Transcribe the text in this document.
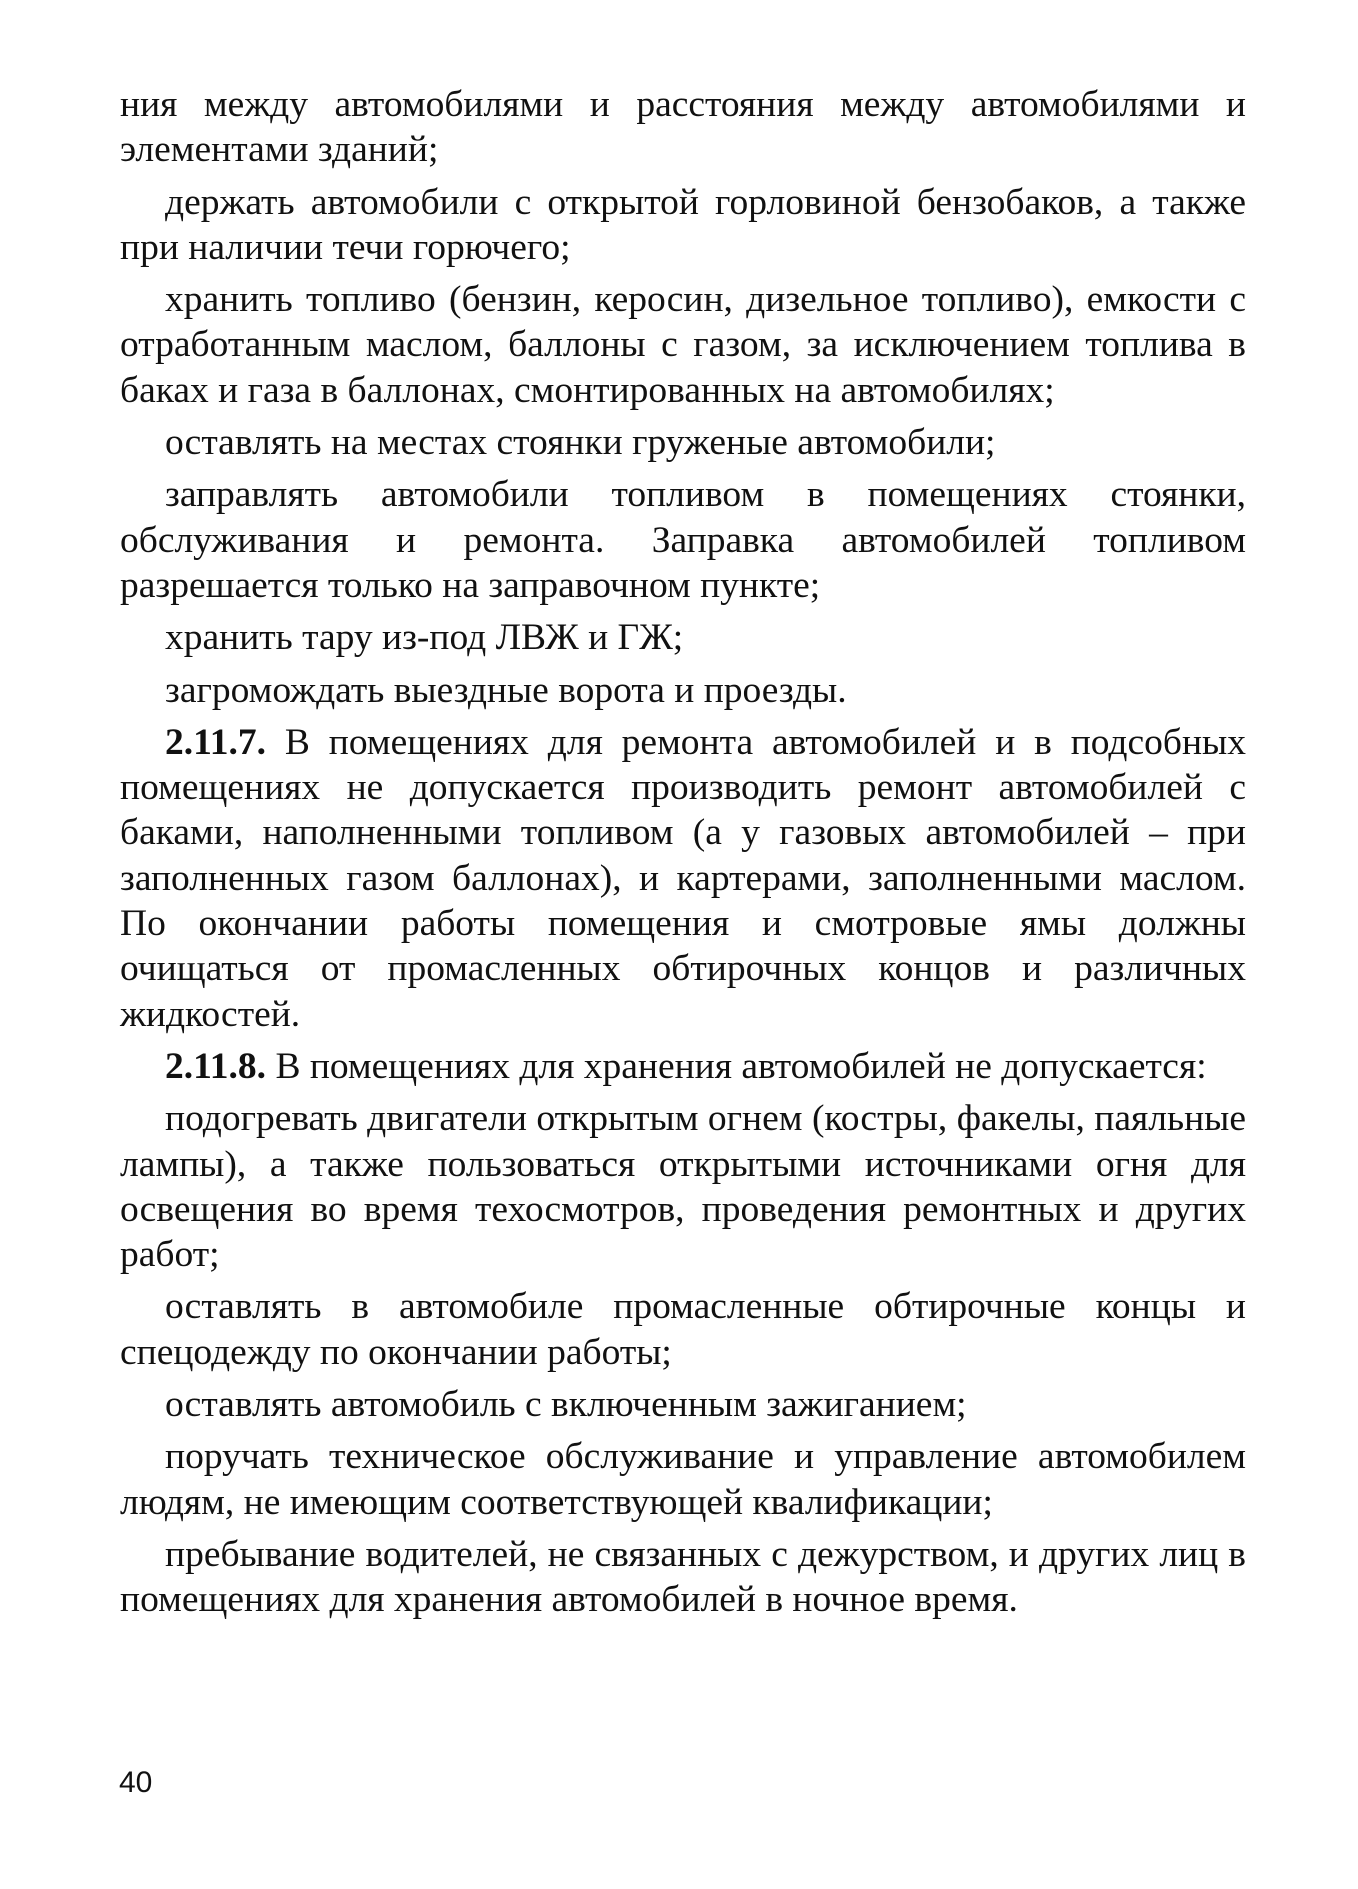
ния между автомобилями и расстояния между автомобилями и элементами зданий;

держать автомобили с открытой горловиной бензобаков, а также при наличии течи горючего;

хранить топливо (бензин, керосин, дизельное топливо), емкости с отработанным маслом, баллоны с газом, за исключением топлива в баках и газа в баллонах, смонтированных на автомобилях;

оставлять на местах стоянки груженые автомобили;

заправлять автомобили топливом в помещениях стоянки, обслуживания и ремонта. Заправка автомобилей топливом разрешается только на заправочном пункте;

хранить тару из-под ЛВЖ и ГЖ;

загромождать выездные ворота и проезды.

2.11.7. В помещениях для ремонта автомобилей и в подсобных помещениях не допускается производить ремонт автомобилей с баками, наполненными топливом (а у газовых автомобилей – при заполненных газом баллонах), и картерами, заполненными маслом. По окончании работы помещения и смотровые ямы должны очищаться от промасленных обтирочных концов и различных жидкостей.

2.11.8. В помещениях для хранения автомобилей не допускается:

подогревать двигатели открытым огнем (костры, факелы, паяльные лампы), а также пользоваться открытыми источниками огня для освещения во время техосмотров, проведения ремонтных и других работ;

оставлять в автомобиле промасленные обтирочные концы и спецодежду по окончании работы;

оставлять автомобиль с включенным зажиганием;

поручать техническое обслуживание и управление автомобилем людям, не имеющим соответствующей квалификации;

пребывание водителей, не связанных с дежурством, и других лиц в помещениях для хранения автомобилей в ночное время.

40
